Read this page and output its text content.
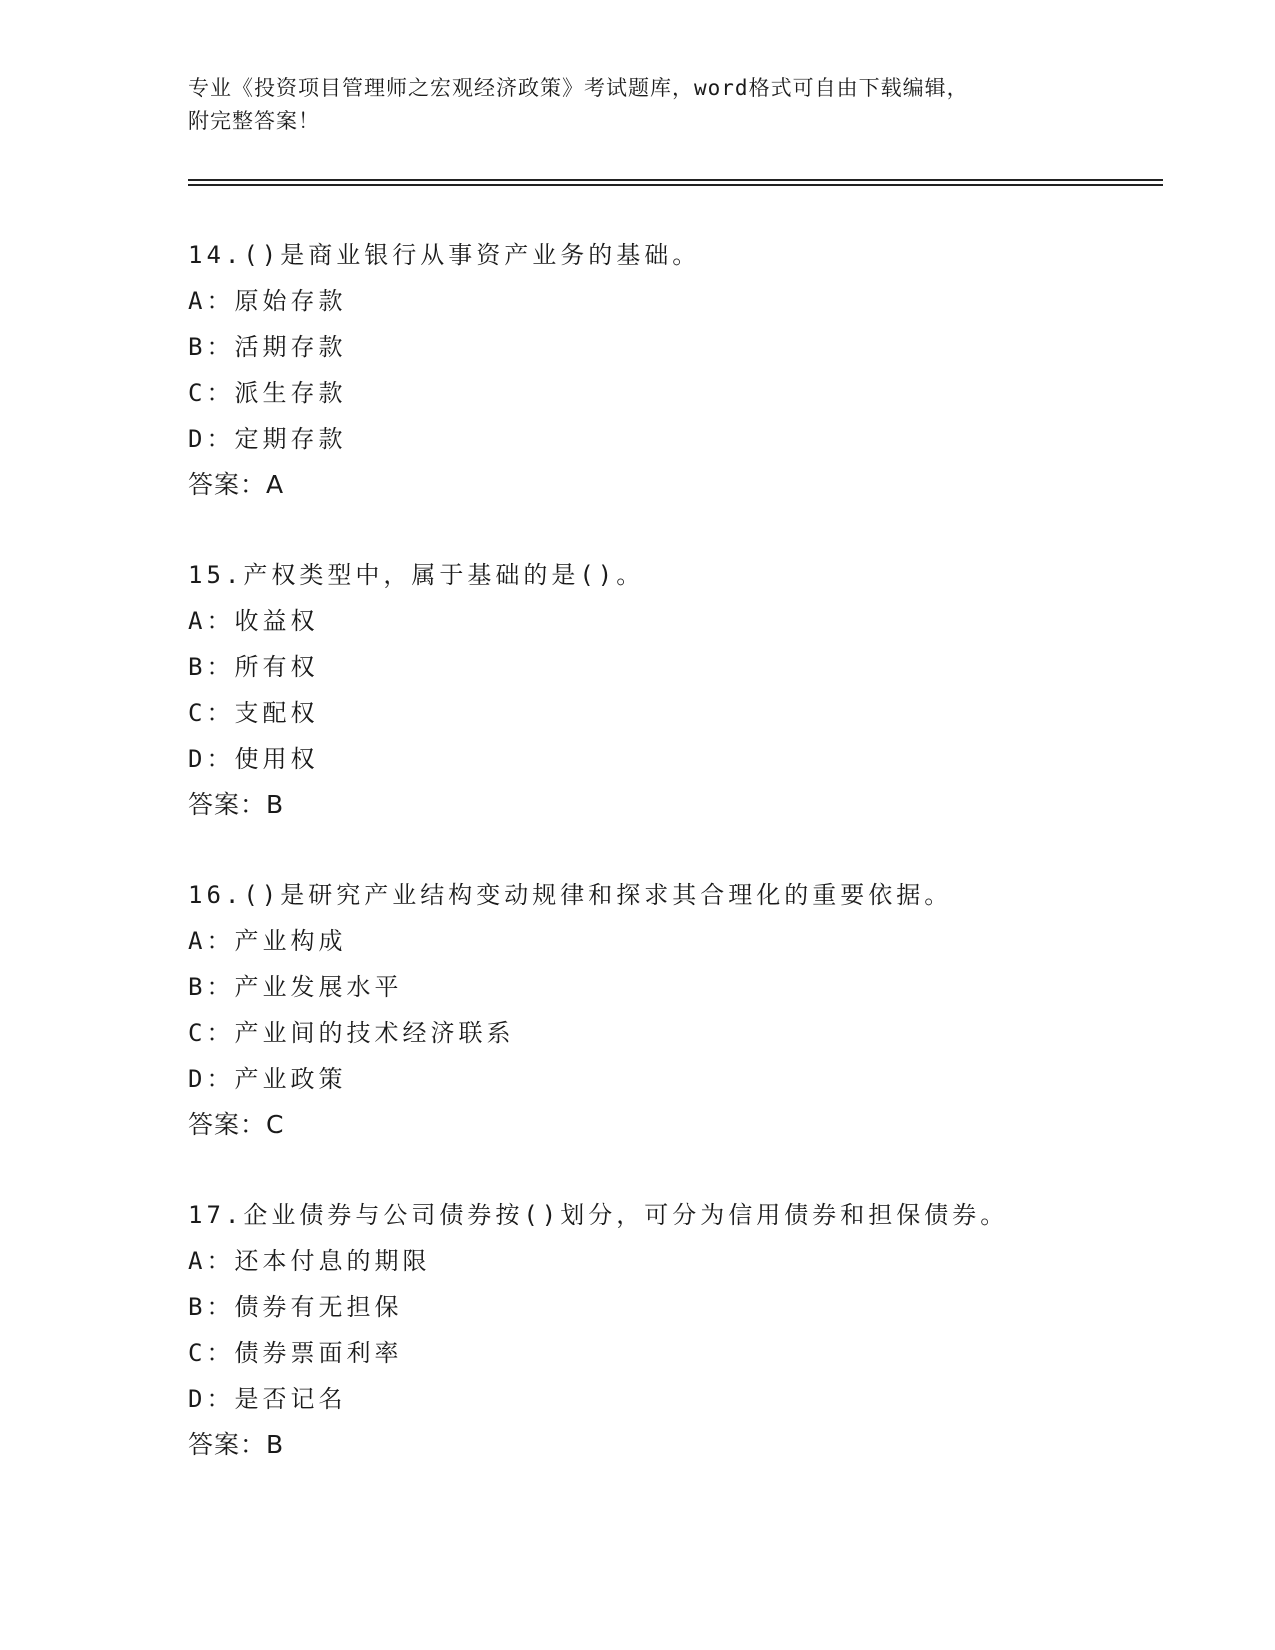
专业《投资项目管理师之宏观经济政策》考试题库，word格式可自由下载编辑，
附完整答案！
14.()是商业银行从事资产业务的基础。
A：原始存款
B：活期存款
C：派生存款
D：定期存款
答案：A
15.产权类型中，属于基础的是()。
A：收益权
B：所有权
C：支配权
D：使用权
答案：B
16.()是研究产业结构变动规律和探求其合理化的重要依据。
A：产业构成
B：产业发展水平
C：产业间的技术经济联系
D：产业政策
答案：C
17.企业债券与公司债券按()划分，可分为信用债券和担保债券。
A：还本付息的期限
B：债券有无担保
C：债券票面利率
D：是否记名
答案：B
